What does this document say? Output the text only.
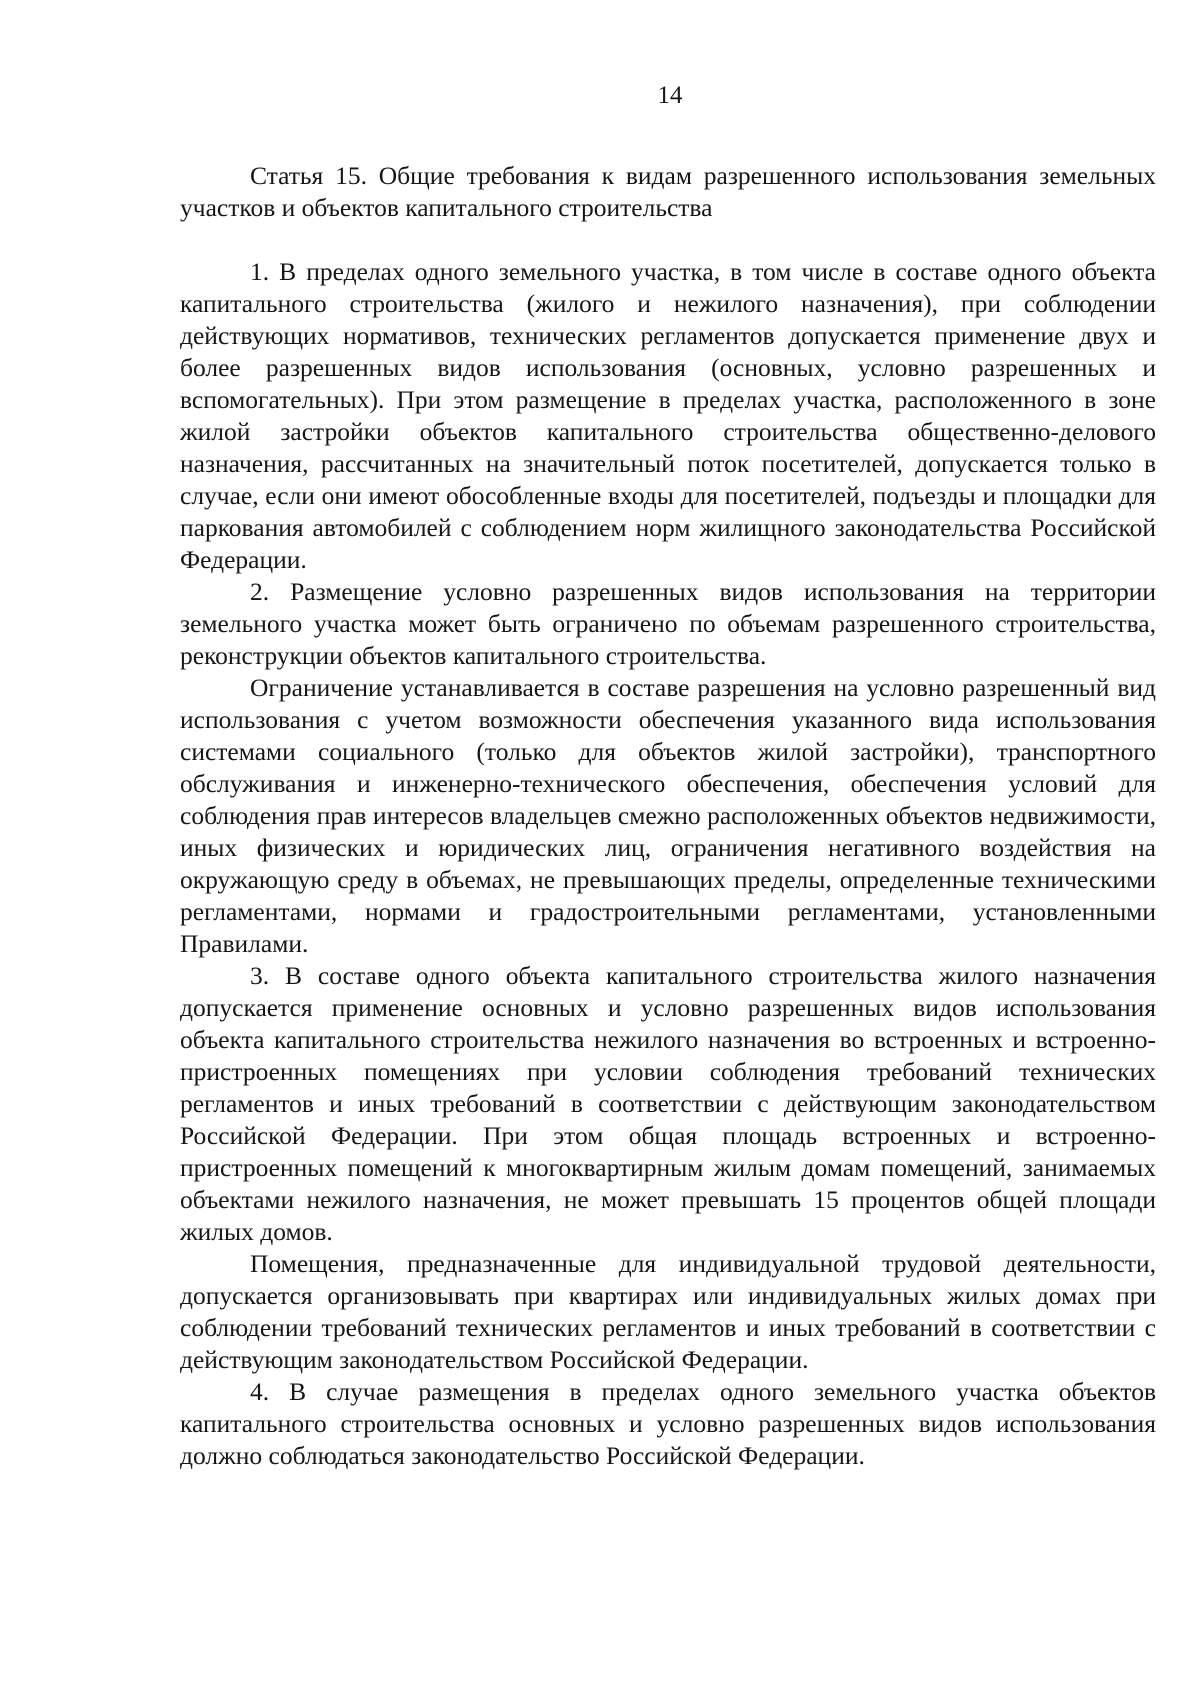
14

Статья 15. Общие требования к видам разрешенного использования земельных участков и объектов капитального строительства

1. В пределах одного земельного участка, в том числе в составе одного объекта капитального строительства (жилого и нежилого назначения), при соблюдении действующих нормативов, технических регламентов допускается применение двух и более разрешенных видов использования (основных, условно разрешенных и вспомогательных). При этом размещение в пределах участка, расположенного в зоне жилой застройки объектов капитального строительства общественно-делового назначения, рассчитанных на значительный поток посетителей, допускается только в случае, если они имеют обособленные входы для посетителей, подъезды и площадки для паркования автомобилей с соблюдением норм жилищного законодательства Российской Федерации.

2. Размещение условно разрешенных видов использования на территории земельного участка может быть ограничено по объемам разрешенного строительства, реконструкции объектов капитального строительства.

Ограничение устанавливается в составе разрешения на условно разрешенный вид использования с учетом возможности обеспечения указанного вида использования системами социального (только для объектов жилой застройки), транспортного обслуживания и инженерно-технического обеспечения, обеспечения условий для соблюдения прав интересов владельцев смежно расположенных объектов недвижимости, иных физических и юридических лиц, ограничения негативного воздействия на окружающую среду в объемах, не превышающих пределы, определенные техническими регламентами, нормами и градостроительными регламентами, установленными Правилами.

3. В составе одного объекта капитального строительства жилого назначения допускается применение основных и условно разрешенных видов использования объекта капитального строительства нежилого назначения во встроенных и встроенно-пристроенных помещениях при условии соблюдения требований технических регламентов и иных требований в соответствии с действующим законодательством Российской Федерации. При этом общая площадь встроенных и встроенно-пристроенных помещений к многоквартирным жилым домам помещений, занимаемых объектами нежилого назначения, не может превышать 15 процентов общей площади жилых домов.

Помещения, предназначенные для индивидуальной трудовой деятельности, допускается организовывать при квартирах или индивидуальных жилых домах при соблюдении требований технических регламентов и иных требований в соответствии с действующим законодательством Российской Федерации.

4. В случае размещения в пределах одного земельного участка объектов капитального строительства основных и условно разрешенных видов использования должно соблюдаться законодательство Российской Федерации.
